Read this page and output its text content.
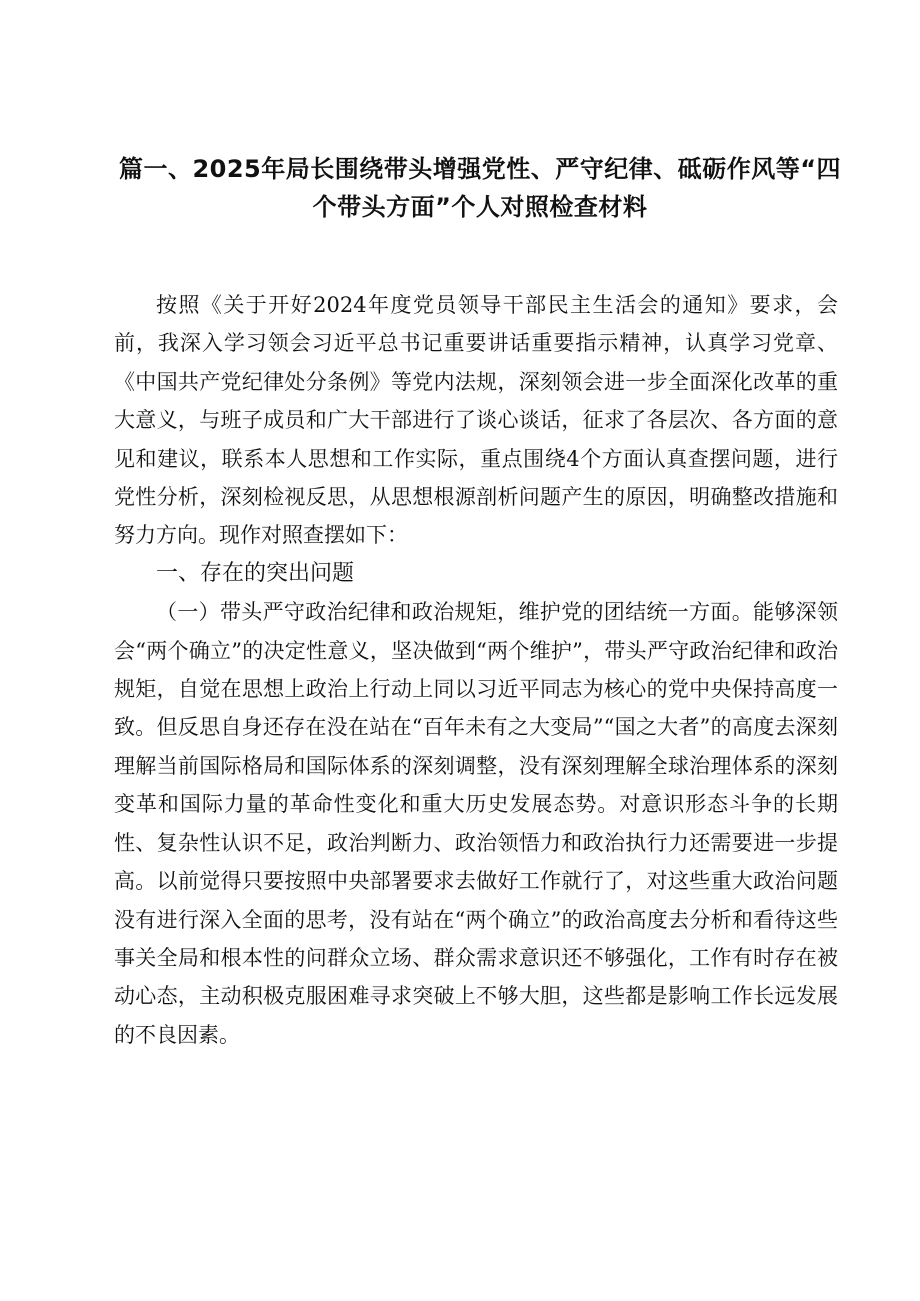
篇一、2025年局长围绕带头增强党性、严守纪律、砥砺作风等“四
个带头方面”个人对照检查材料

按照《关于开好2024年度党员领导干部民主生活会的通知》要求，会前，我深入学习领会习近平总书记重要讲话重要指示精神，认真学习党章、《中国共产党纪律处分条例》等党内法规，深刻领会进一步全面深化改革的重大意义，与班子成员和广大干部进行了谈心谈话，征求了各层次、各方面的意见和建议，联系本人思想和工作实际，重点围绕4个方面认真查摆问题，进行党性分析，深刻检视反思，从思想根源剖析问题产生的原因，明确整改措施和努力方向。现作对照查摆如下：

一、存在的突出问题

（一）带头严守政治纪律和政治规矩，维护党的团结统一方面。能够深领会“两个确立”的决定性意义，坚决做到“两个维护”，带头严守政治纪律和政治规矩，自觉在思想上政治上行动上同以习近平同志为核心的党中央保持高度一致。但反思自身还存在没在站在“百年未有之大变局”“国之大者”的高度去深刻理解当前国际格局和国际体系的深刻调整，没有深刻理解全球治理体系的深刻变革和国际力量的革命性变化和重大历史发展态势。对意识形态斗争的长期性、复杂性认识不足，政治判断力、政治领悟力和政治执行力还需要进一步提高。以前觉得只要按照中央部署要求去做好工作就行了，对这些重大政治问题没有进行深入全面的思考，没有站在“两个确立”的政治高度去分析和看待这些事关全局和根本性的问群众立场、群众需求意识还不够强化，工作有时存在被动心态，主动积极克服困难寻求突破上不够大胆，这些都是影响工作长远发展的不良因素。
